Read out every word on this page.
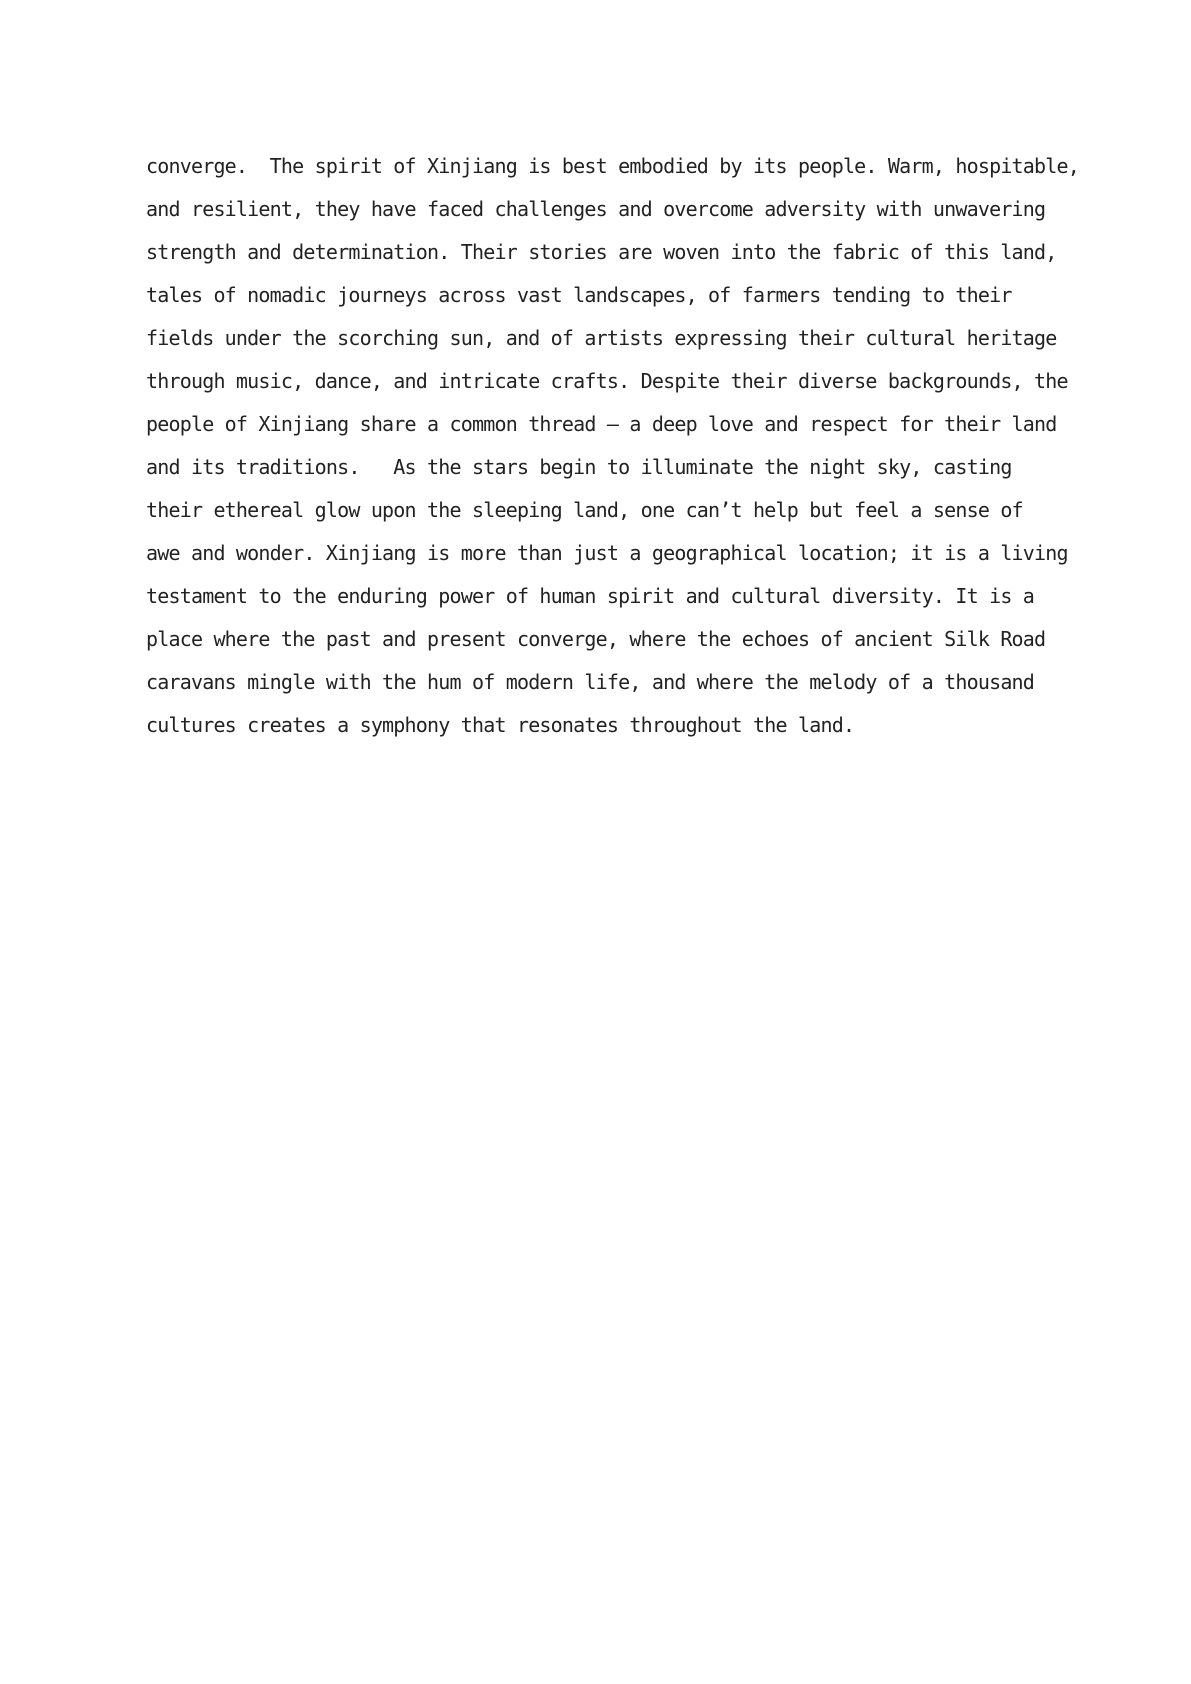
converge.  The spirit of Xinjiang is best embodied by its people. Warm, hospitable,
and resilient, they have faced challenges and overcome adversity with unwavering
strength and determination. Their stories are woven into the fabric of this land,
tales of nomadic journeys across vast landscapes, of farmers tending to their
fields under the scorching sun, and of artists expressing their cultural heritage
through music, dance, and intricate crafts. Despite their diverse backgrounds, the
people of Xinjiang share a common thread – a deep love and respect for their land
and its traditions.   As the stars begin to illuminate the night sky, casting
their ethereal glow upon the sleeping land, one can’t help but feel a sense of
awe and wonder. Xinjiang is more than just a geographical location; it is a living
testament to the enduring power of human spirit and cultural diversity. It is a
place where the past and present converge, where the echoes of ancient Silk Road
caravans mingle with the hum of modern life, and where the melody of a thousand
cultures creates a symphony that resonates throughout the land.
